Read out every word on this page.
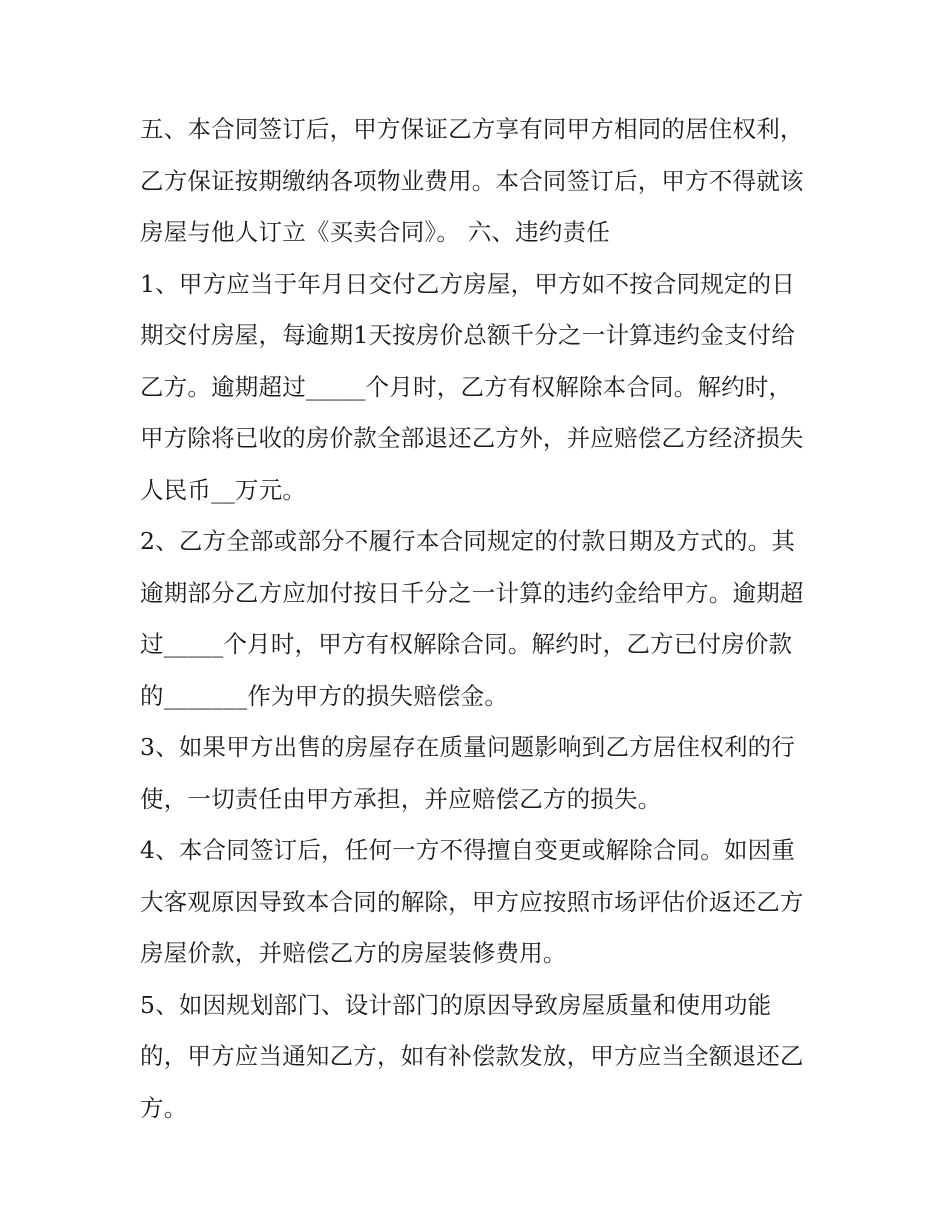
五、本合同签订后，甲方保证乙方享有同甲方相同的居住权利，乙方保证按期缴纳各项物业费用。本合同签订后，甲方不得就该房屋与他人订立《买卖合同》。 六、违约责任

1、甲方应当于年月日交付乙方房屋，甲方如不按合同规定的日期交付房屋，每逾期1天按房价总额千分之一计算违约金支付给乙方。逾期超过_____个月时，乙方有权解除本合同。解约时，甲方除将已收的房价款全部退还乙方外，并应赔偿乙方经济损失人民币__万元。

2、乙方全部或部分不履行本合同规定的付款日期及方式的。其逾期部分乙方应加付按日千分之一计算的违约金给甲方。逾期超过_____个月时，甲方有权解除合同。解约时，乙方已付房价款的_______作为甲方的损失赔偿金。

3、如果甲方出售的房屋存在质量问题影响到乙方居住权利的行使，一切责任由甲方承担，并应赔偿乙方的损失。

4、本合同签订后，任何一方不得擅自变更或解除合同。如因重大客观原因导致本合同的解除，甲方应按照市场评估价返还乙方房屋价款，并赔偿乙方的房屋装修费用。

5、如因规划部门、设计部门的原因导致房屋质量和使用功能的，甲方应当通知乙方，如有补偿款发放，甲方应当全额退还乙方。
